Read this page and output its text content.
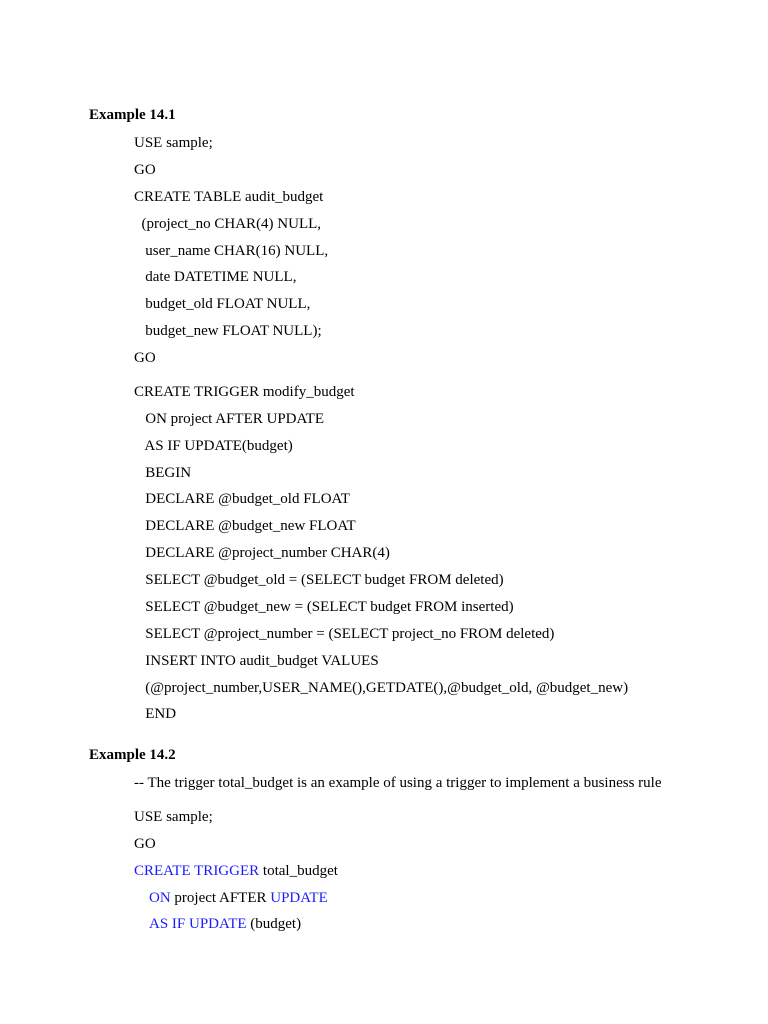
Example 14.1
USE sample;
GO
CREATE TABLE audit_budget
(project_no CHAR(4) NULL,
user_name CHAR(16) NULL,
date DATETIME NULL,
budget_old FLOAT NULL,
budget_new FLOAT NULL);
GO
CREATE TRIGGER modify_budget
ON project AFTER UPDATE
AS IF UPDATE(budget)
BEGIN
DECLARE @budget_old FLOAT
DECLARE @budget_new FLOAT
DECLARE @project_number CHAR(4)
SELECT @budget_old = (SELECT budget FROM deleted)
SELECT @budget_new = (SELECT budget FROM inserted)
SELECT @project_number = (SELECT project_no FROM deleted)
INSERT INTO audit_budget VALUES
(@project_number,USER_NAME(),GETDATE(),@budget_old, @budget_new)
END
Example 14.2
-- The trigger total_budget is an example of using a trigger to implement a business rule
USE sample;
GO
CREATE TRIGGER total_budget
ON project AFTER UPDATE
AS IF UPDATE (budget)
